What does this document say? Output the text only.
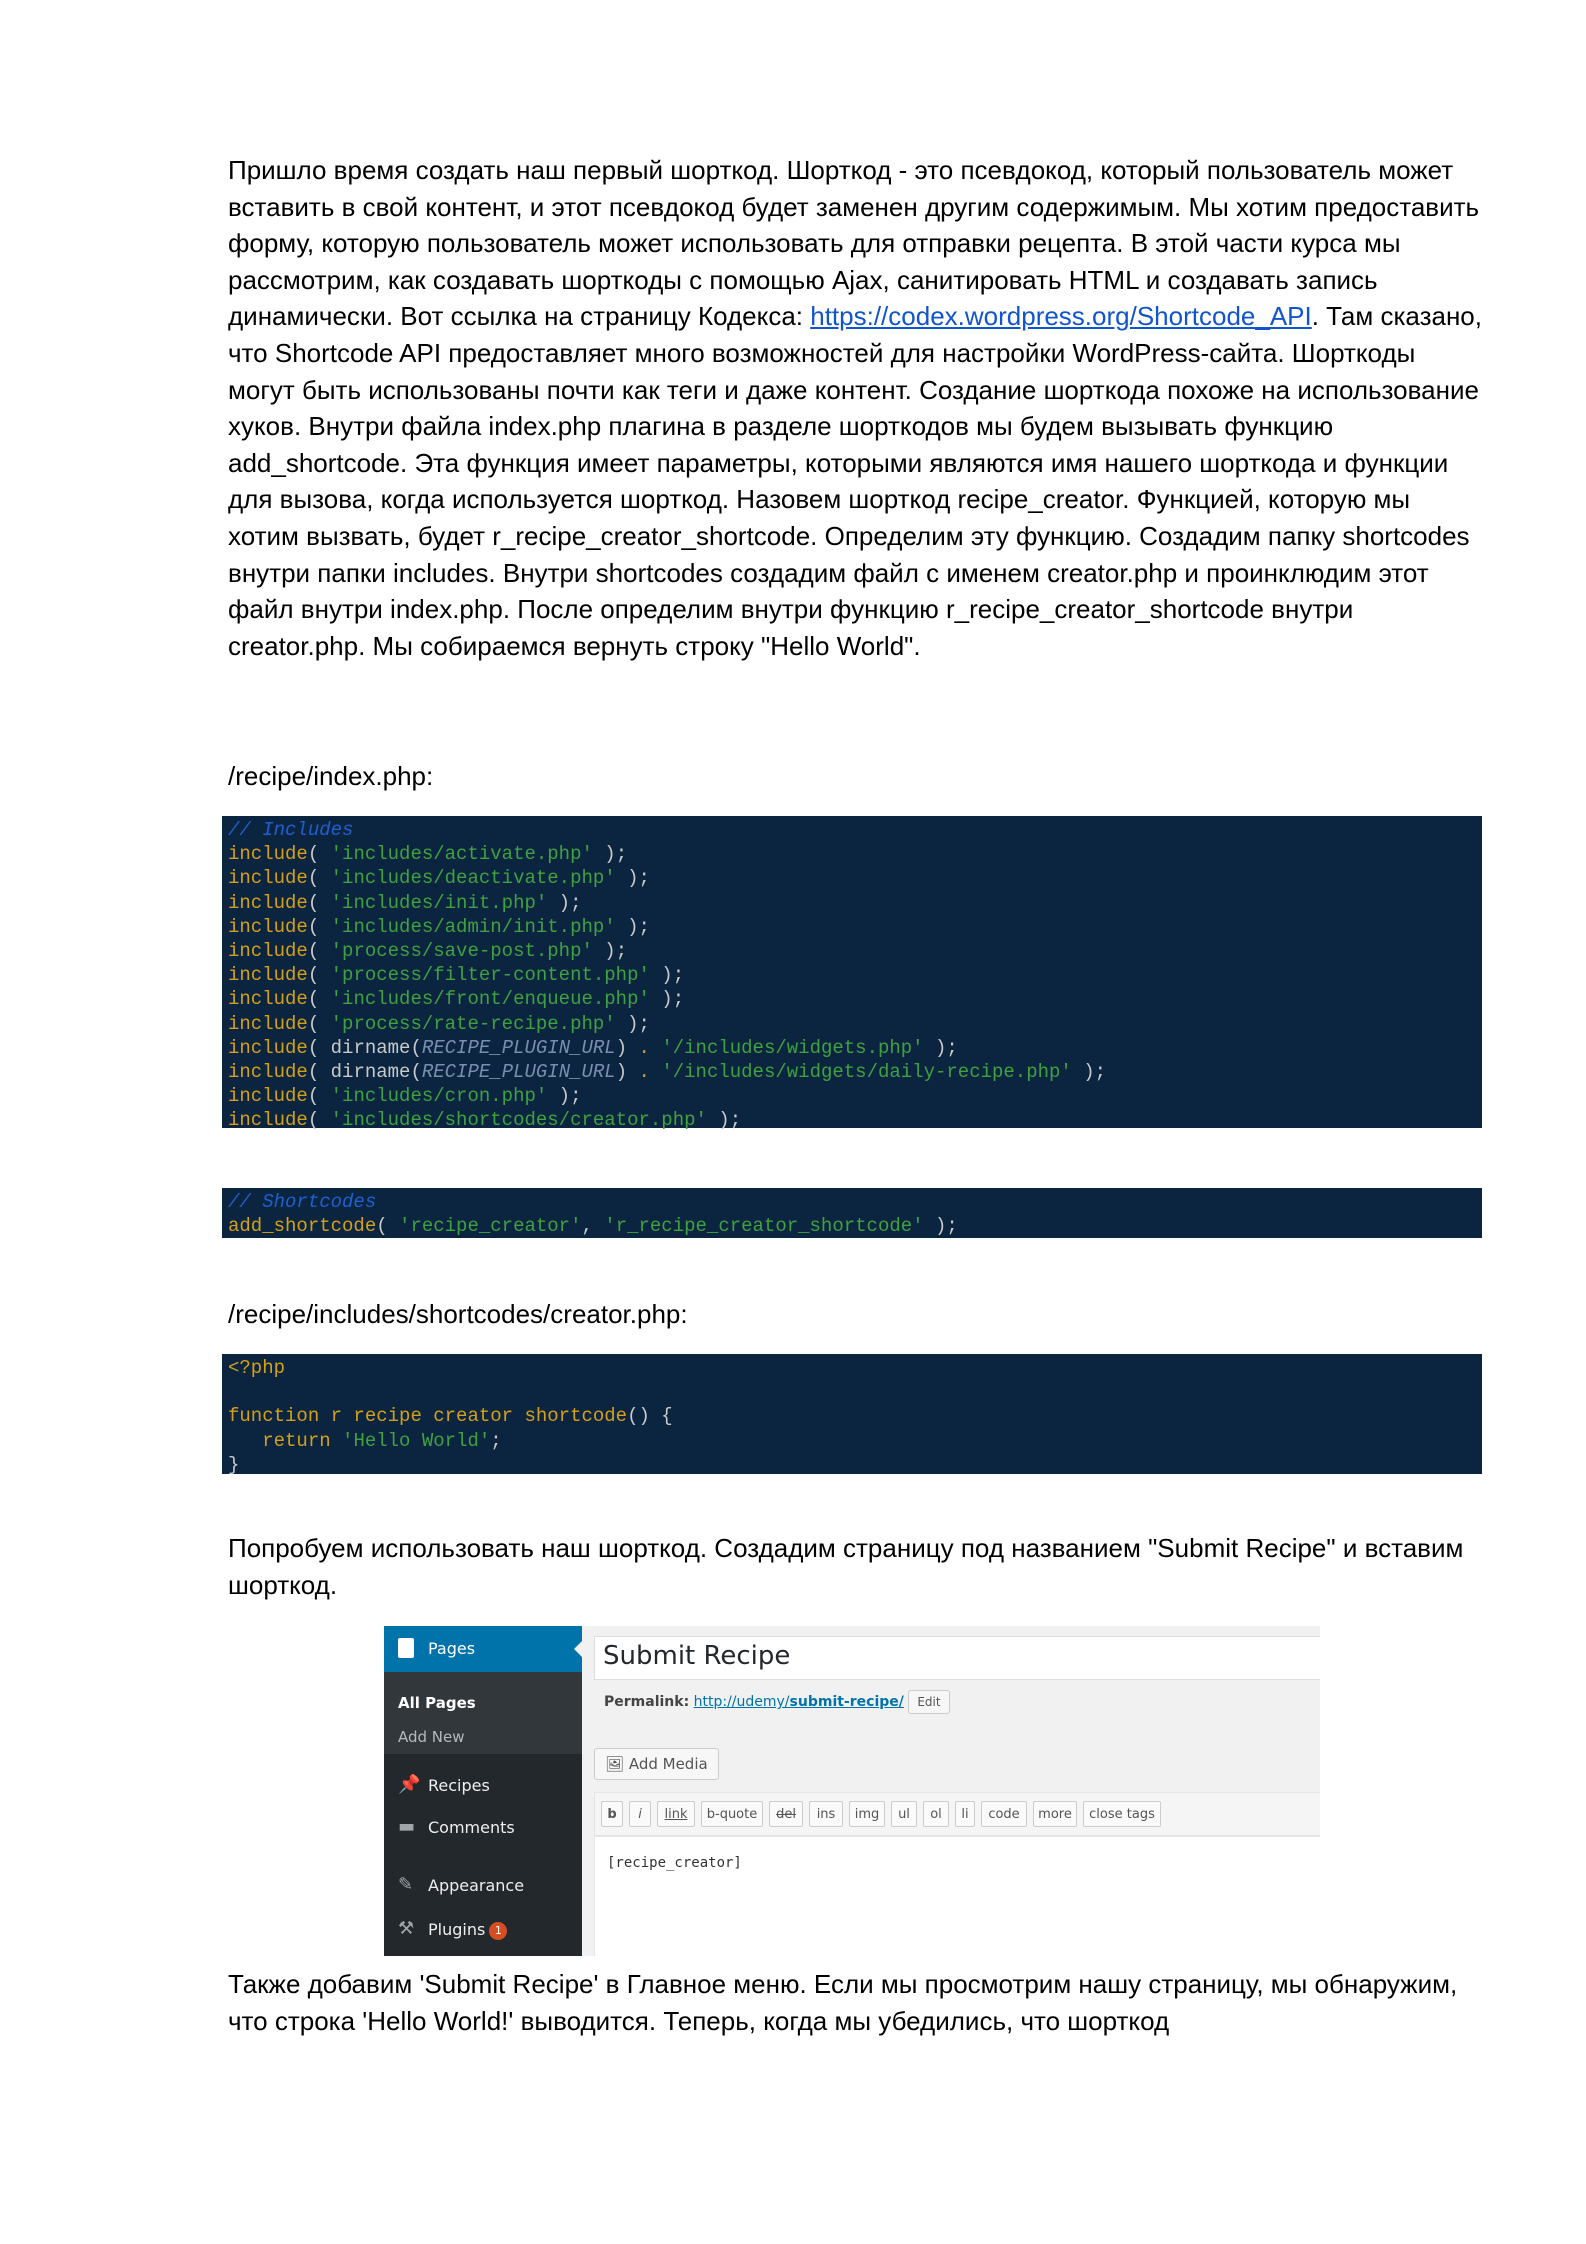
Пришло время создать наш первый шорткод. Шорткод - это псевдокод, который пользователь может вставить в свой контент, и этот псевдокод будет заменен другим содержимым. Мы хотим предоставить форму, которую пользователь может использовать для отправки рецепта. В этой части курса мы рассмотрим, как создавать шорткоды с помощью Ajax, санитировать HTML и создавать запись динамически. Вот ссылка на страницу Кодекса: https://codex.wordpress.org/Shortcode_API. Там сказано, что Shortcode API предоставляет много возможностей для настройки WordPress-сайта. Шорткоды могут быть использованы почти как теги и даже контент. Создание шорткода похоже на использование хуков. Внутри файла index.php плагина в разделе шорткодов мы будем вызывать функцию add_shortcode. Эта функция имеет параметры, которыми являются имя нашего шорткода и функции для вызова, когда используется шорткод. Назовем шорткод recipe_creator. Функцией, которую мы хотим вызвать, будет r_recipe_creator_shortcode. Определим эту функцию. Создадим папку shortcodes внутри папки includes. Внутри shortcodes создадим файл с именем creator.php и проинклюдим этот файл внутри index.php. После определим внутри функцию r_recipe_creator_shortcode внутри creator.php. Мы собираемся вернуть строку "Hello World".

/recipe/index.php:

// Includes
include( 'includes/activate.php' );
include( 'includes/deactivate.php' );
include( 'includes/init.php' );
include( 'includes/admin/init.php' );
include( 'process/save-post.php' );
include( 'process/filter-content.php' );
include( 'includes/front/enqueue.php' );
include( 'process/rate-recipe.php' );
include( dirname(RECIPE_PLUGIN_URL) . '/includes/widgets.php' );
include( dirname(RECIPE_PLUGIN_URL) . '/includes/widgets/daily-recipe.php' );
include( 'includes/cron.php' );
include( 'includes/shortcodes/creator.php' );
// Shortcodes
add_shortcode( 'recipe_creator', 'r_recipe_creator_shortcode' );

/recipe/includes/shortcodes/creator.php:

<?php
function r recipe creator shortcode() {
return 'Hello World';
}

Попробуем использовать наш шорткод. Создадим страницу под названием "Submit Recipe" и вставим шорткод.

Pages
All Pages
Add New
📌 Recipes
▬ Comments
✎ Appearance
⚒ Plugins 1
Submit Recipe
Permalink: http://udemy/submit-recipe/ Edit
🖼 Add Media
b	i	link	b-quote	del	ins	img	ul	ol	li	code	more	close tags
[recipe_creator]

Также добавим 'Submit Recipe' в Главное меню. Если мы просмотрим нашу страницу, мы обнаружим, что строка 'Hello World!' выводится. Теперь, когда мы убедились, что шорткод
